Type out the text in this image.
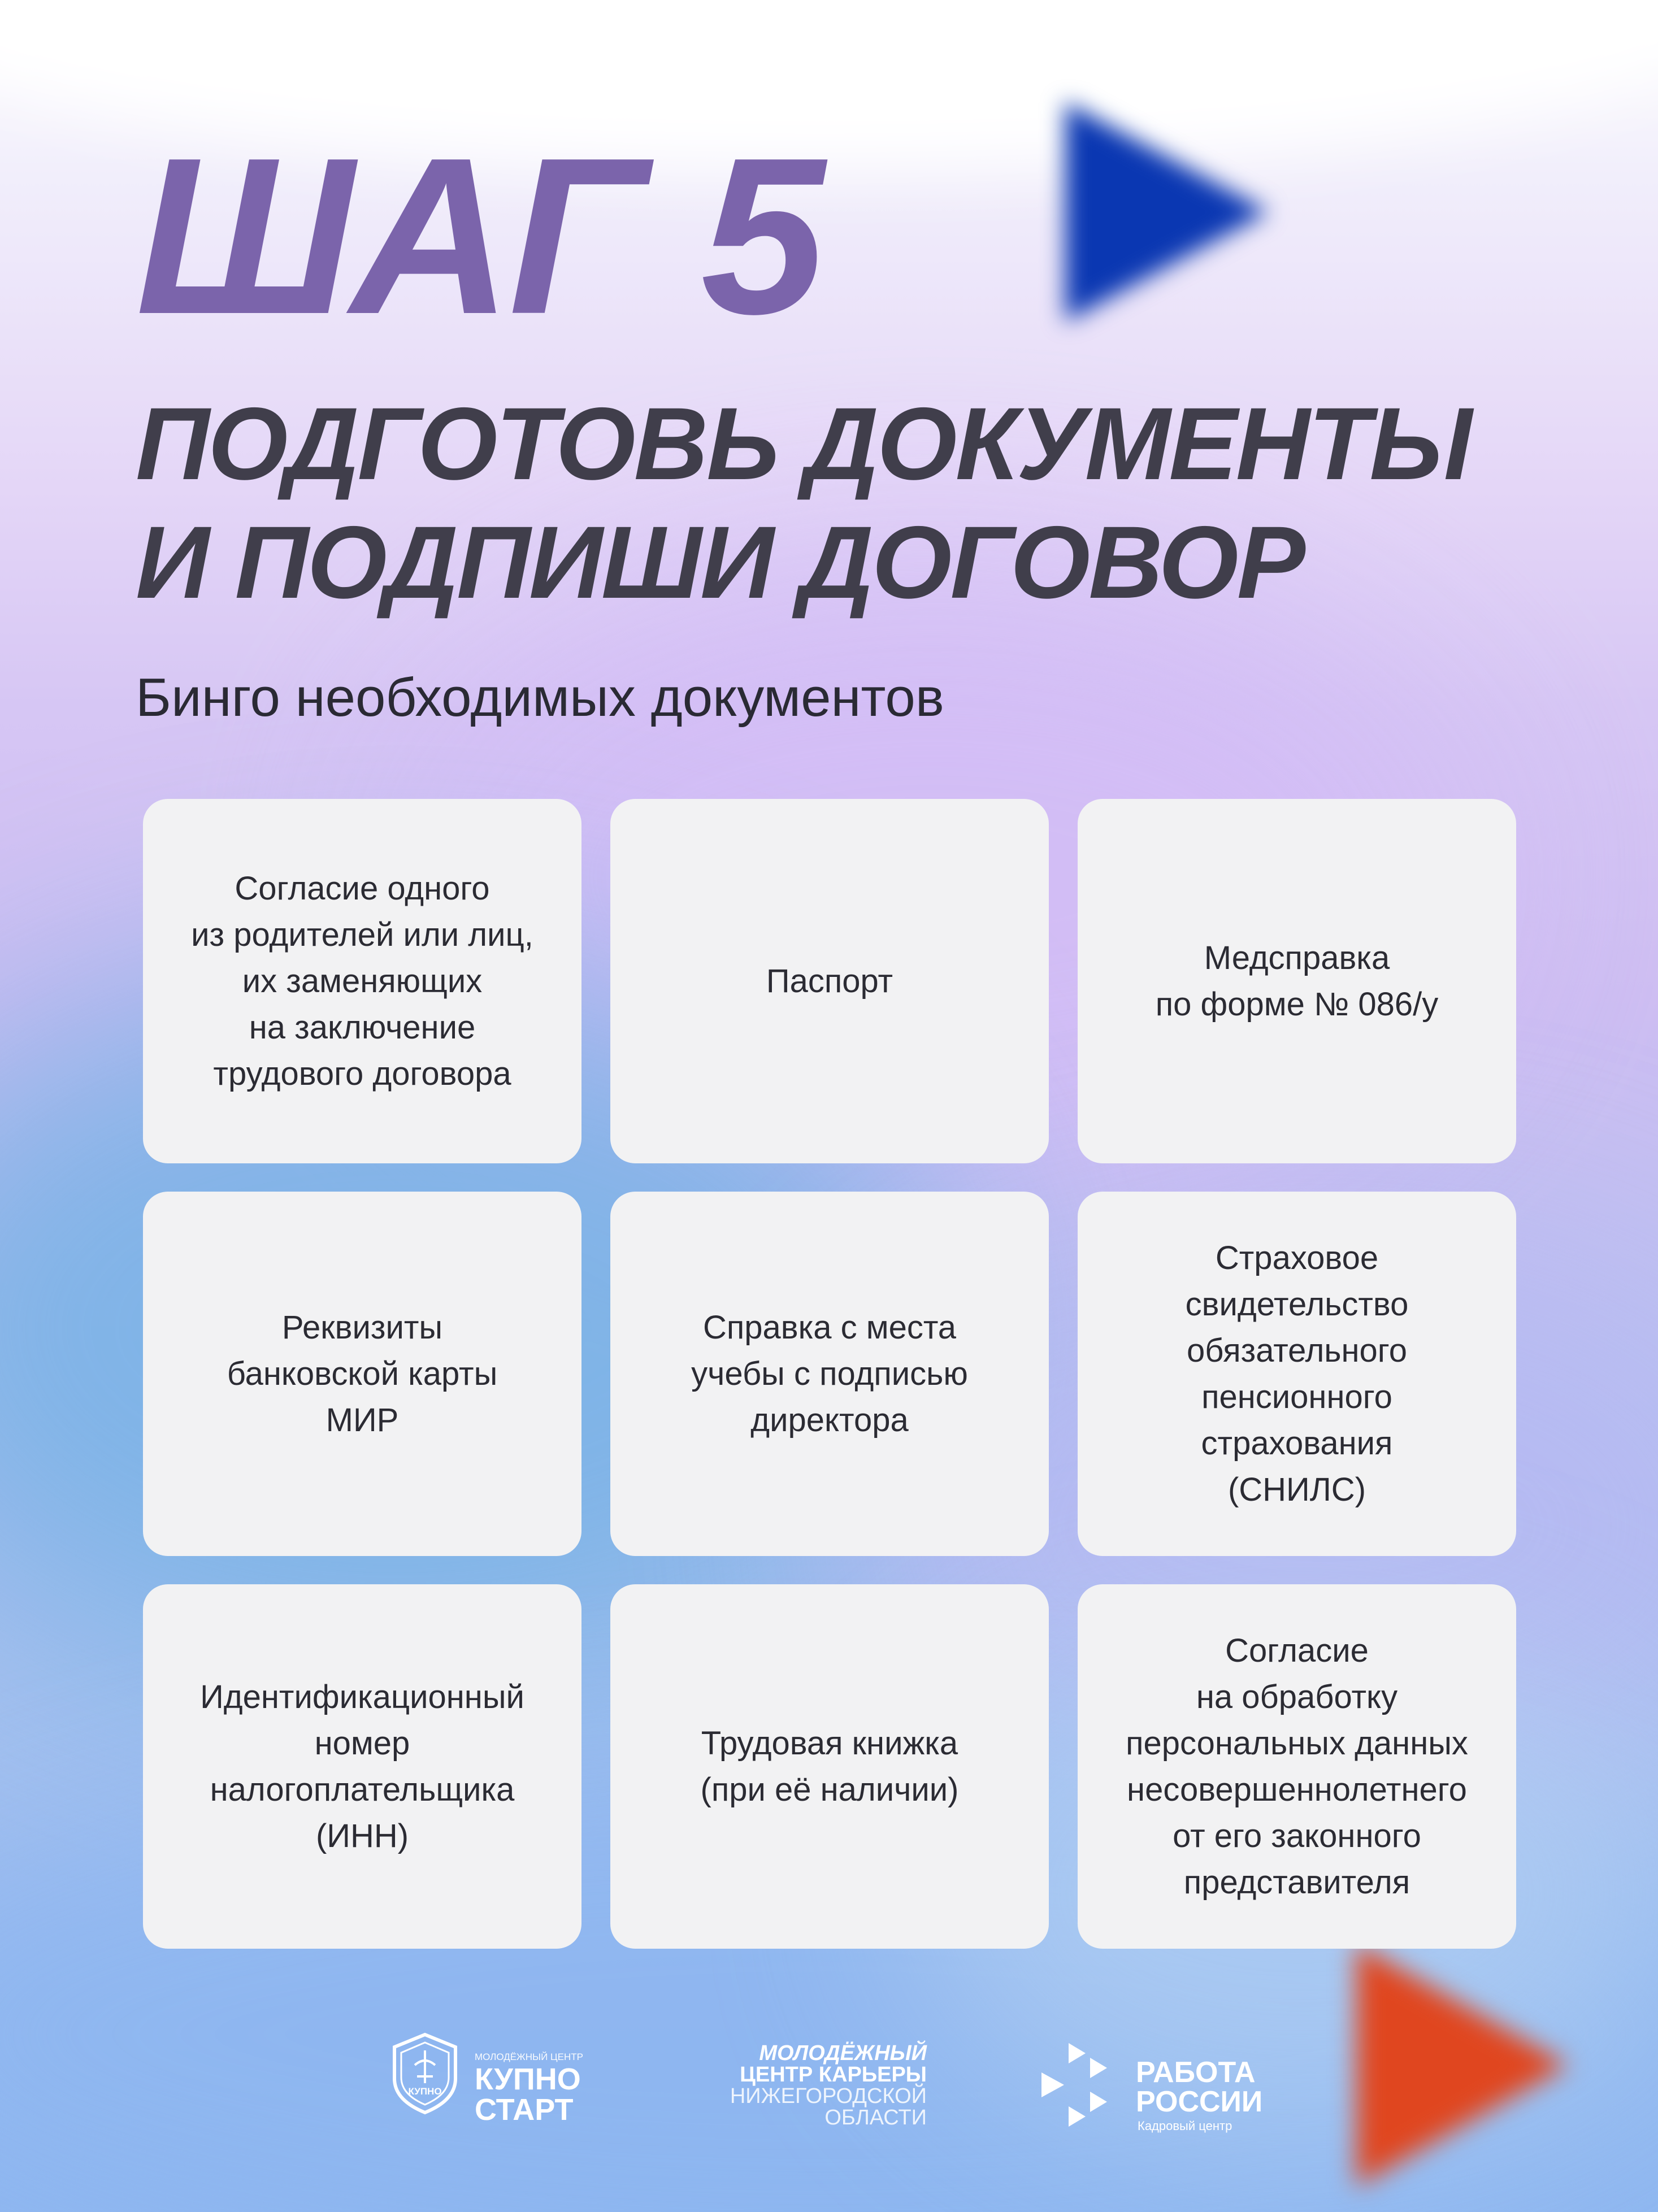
ШАГ 5
ПОДГОТОВЬ ДОКУМЕНТЫ
И ПОДПИШИ ДОГОВОР

Бинго необходимых документов

Согласие одного
из родителей или лиц,
их заменяющих
на заключение
трудового договора
Паспорт
Медсправка
по форме № 086/у
Реквизиты
банковской карты
МИР
Справка с места
учебы с подписью
директора
Страховое
свидетельство
обязательного
пенсионного
страхования
(СНИЛС)
Идентификационный
номер
налогоплательщика
(ИНН)
Трудовая книжка
(при её наличии)
Согласие
на обработку
персональных данных
несовершеннолетнего
от его законного
представителя
КУПНО
МОЛОДЁЖНЫЙ ЦЕНТР
КУПНО
СТАРТ
МОЛОДЁЖНЫЙ
ЦЕНТР КАРЬЕРЫ
НИЖЕГОРОДСКОЙ
ОБЛАСТИ
РАБОТА
РОССИИ
Кадровый центр
